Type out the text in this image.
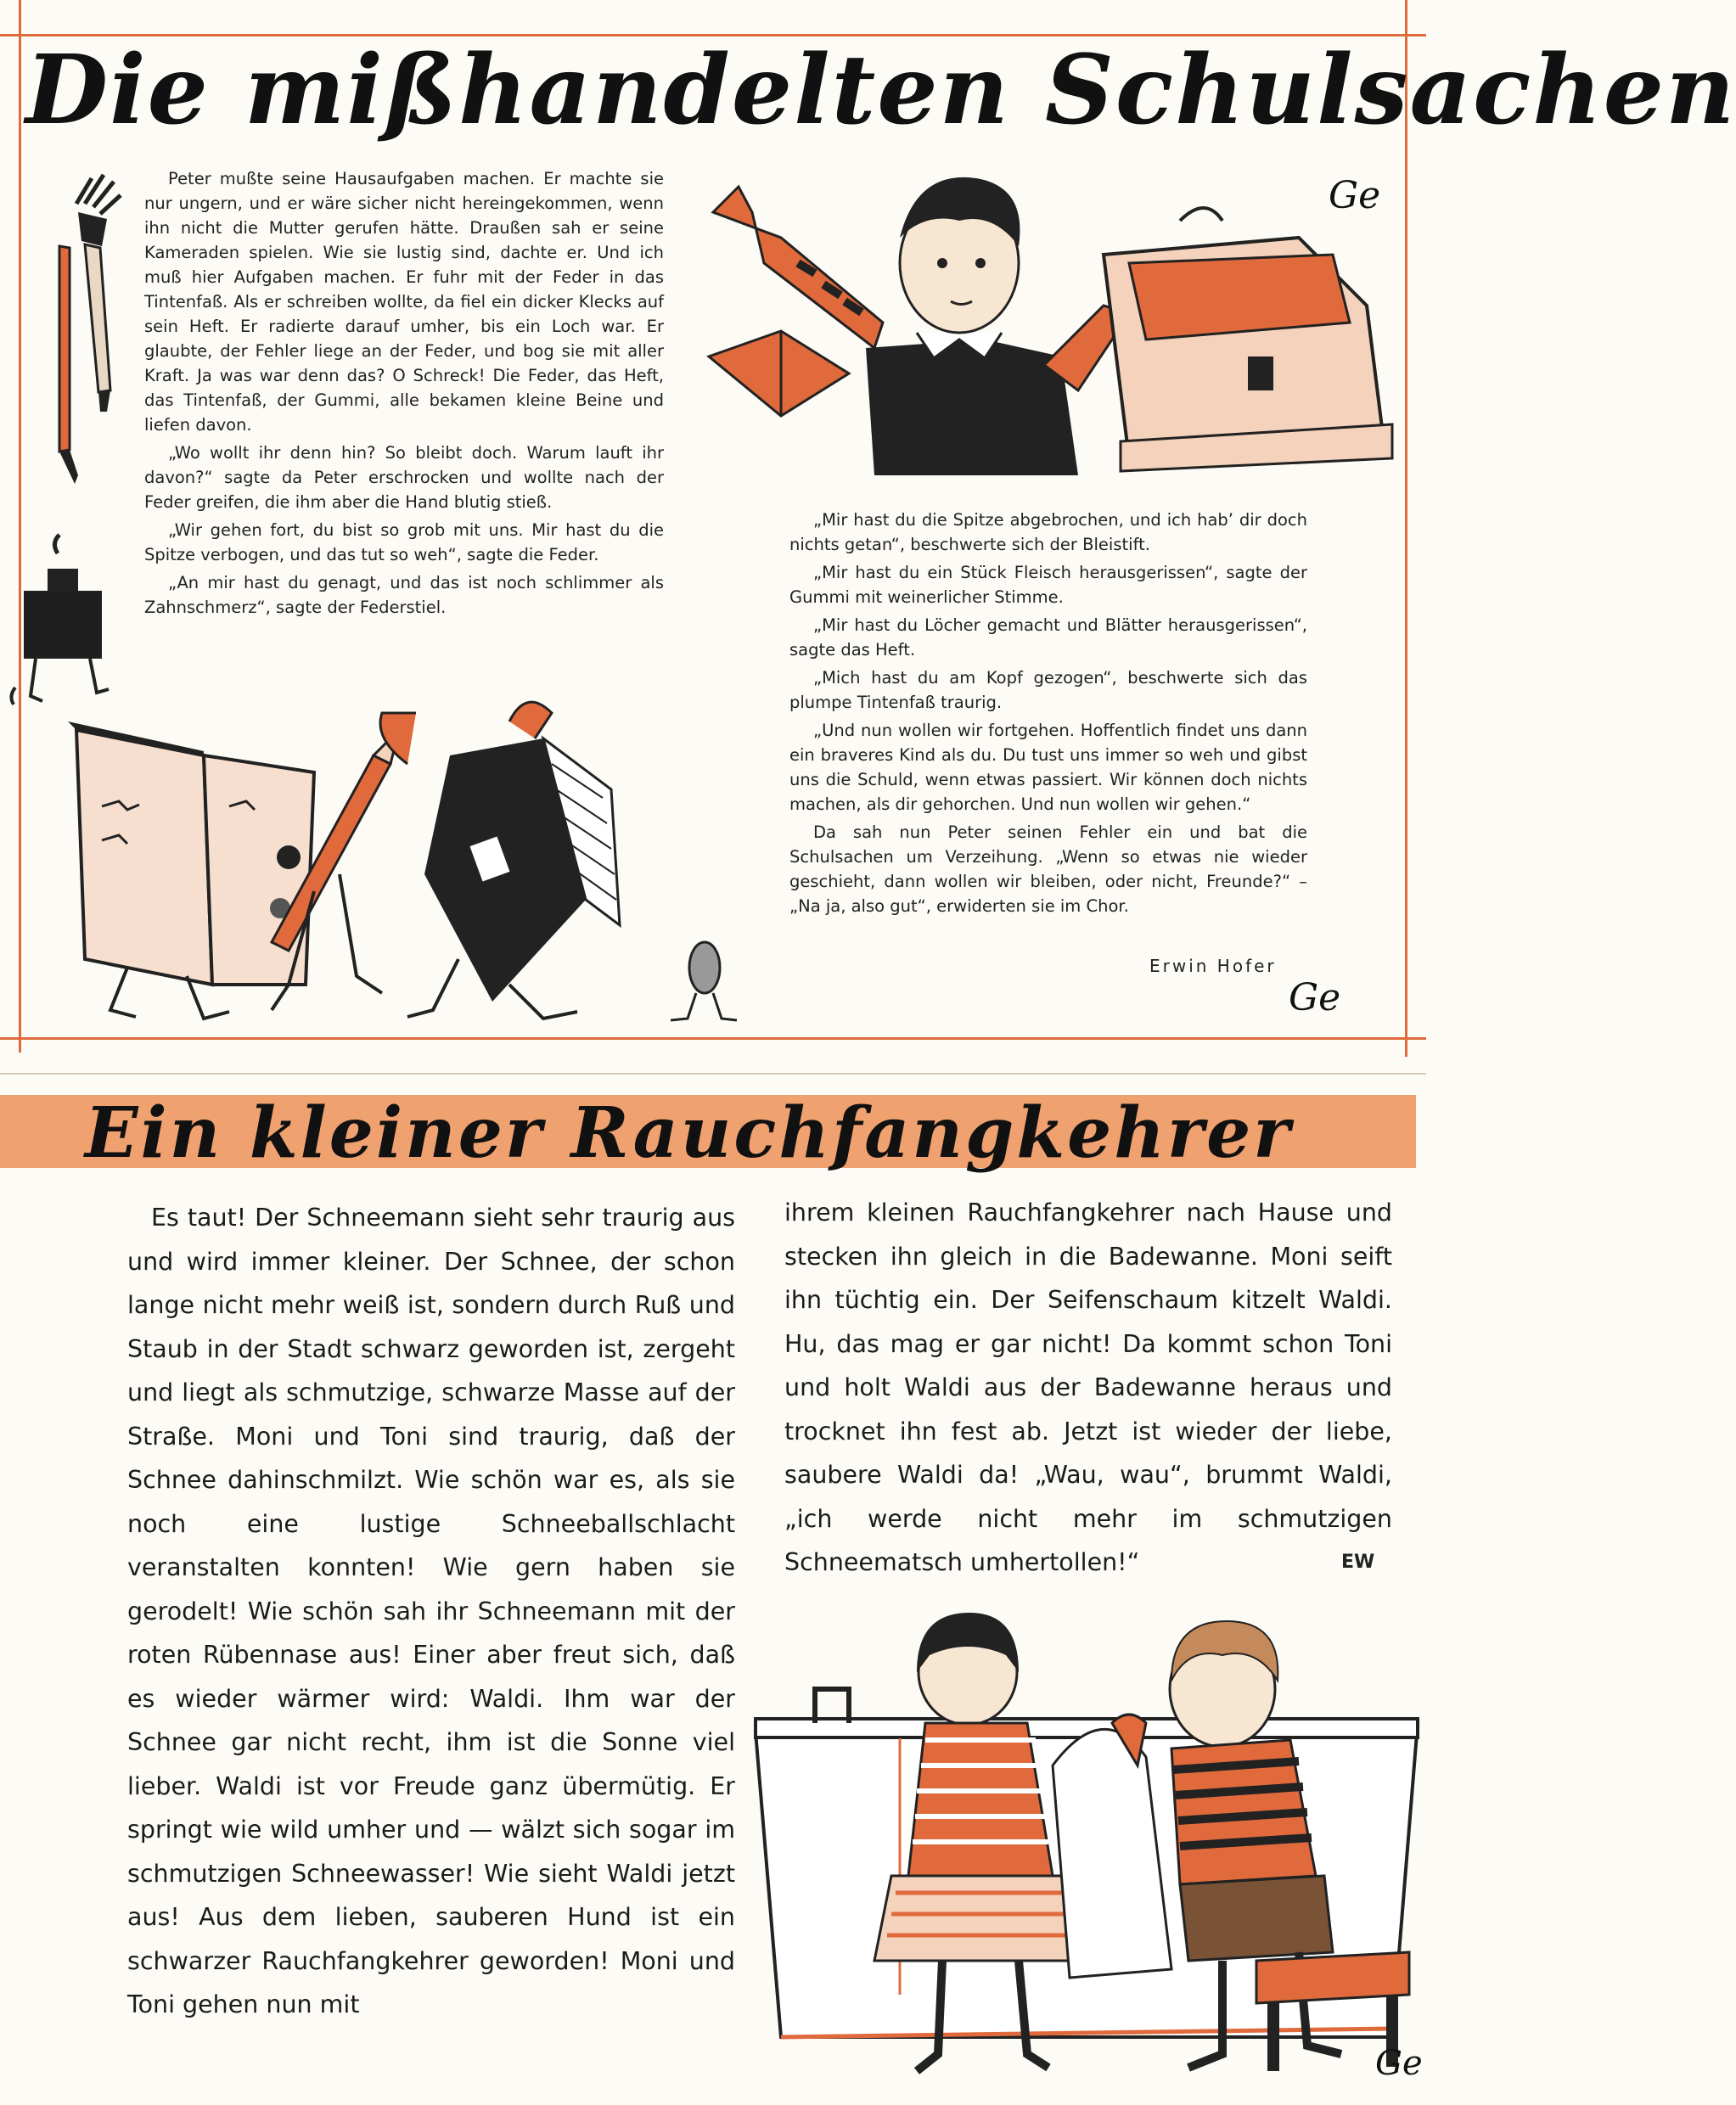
Die mißhandelten Schulsachen
Ge

Peter mußte seine Hausaufgaben machen. Er machte sie nur ungern, und er wäre sicher nicht hereingekommen, wenn ihn nicht die Mutter gerufen hätte. Draußen sah er seine Kameraden spielen. Wie sie lustig sind, dachte er. Und ich muß hier Aufgaben machen. Er fuhr mit der Feder in das Tintenfaß. Als er schreiben wollte, da fiel ein dicker Klecks auf sein Heft. Er radierte darauf umher, bis ein Loch war. Er glaubte, der Fehler liege an der Feder, und bog sie mit aller Kraft. Ja was war denn das? O Schreck! Die Feder, das Heft, das Tintenfaß, der Gummi, alle bekamen kleine Beine und liefen davon.

„Wo wollt ihr denn hin? So bleibt doch. Warum lauft ihr davon?“ sagte da Peter erschrocken und wollte nach der Feder greifen, die ihm aber die Hand blutig stieß.

„Wir gehen fort, du bist so grob mit uns. Mir hast du die Spitze verbogen, und das tut so weh“, sagte die Feder.

„An mir hast du genagt, und das ist noch schlimmer als Zahnschmerz“, sagte der Federstiel.

„Mir hast du die Spitze abgebrochen, und ich hab’ dir doch nichts getan“, beschwerte sich der Bleistift.

„Mir hast du ein Stück Fleisch herausgerissen“, sagte der Gummi mit weinerlicher Stimme.

„Mir hast du Löcher gemacht und Blätter herausgerissen“, sagte das Heft.

„Mich hast du am Kopf gezogen“, beschwerte sich das plumpe Tintenfaß traurig.

„Und nun wollen wir fortgehen. Hoffentlich findet uns dann ein braveres Kind als du. Du tust uns immer so weh und gibst uns die Schuld, wenn etwas passiert. Wir können doch nichts machen, als dir gehorchen. Und nun wollen wir gehen.“

Da sah nun Peter seinen Fehler ein und bat die Schulsachen um Verzeihung. „Wenn so etwas nie wieder geschieht, dann wollen wir bleiben, oder nicht, Freunde?“ – „Na ja, also gut“, erwiderten sie im Chor.

Erwin Hofer
Ge
Ein kleiner Rauchfangkehrer

Es taut! Der Schneemann sieht sehr traurig aus und wird immer kleiner. Der Schnee, der schon lange nicht mehr weiß ist, sondern durch Ruß und Staub in der Stadt schwarz geworden ist, zergeht und liegt als schmutzige, schwarze Masse auf der Straße. Moni und Toni sind traurig, daß der Schnee dahinschmilzt. Wie schön war es, als sie noch eine lustige Schneeballschlacht veranstalten konnten! Wie gern haben sie gerodelt! Wie schön sah ihr Schneemann mit der roten Rübennase aus! Einer aber freut sich, daß es wieder wärmer wird: Waldi. Ihm war der Schnee gar nicht recht, ihm ist die Sonne viel lieber. Waldi ist vor Freude ganz übermütig. Er springt wie wild umher und — wälzt sich sogar im schmutzigen Schneewasser! Wie sieht Waldi jetzt aus! Aus dem lieben, sauberen Hund ist ein schwarzer Rauchfangkehrer geworden! Moni und Toni gehen nun mit

ihrem kleinen Rauchfangkehrer nach Hause und stecken ihn gleich in die Badewanne. Moni seift ihn tüchtig ein. Der Seifenschaum kitzelt Waldi. Hu, das mag er gar nicht! Da kommt schon Toni und holt Waldi aus der Badewanne heraus und trocknet ihn fest ab. Jetzt ist wieder der liebe, saubere Waldi da! „Wau, wau“, brummt Waldi, „ich werde nicht mehr im schmutzigen Schneematsch umhertollen!“	EW
Ge
